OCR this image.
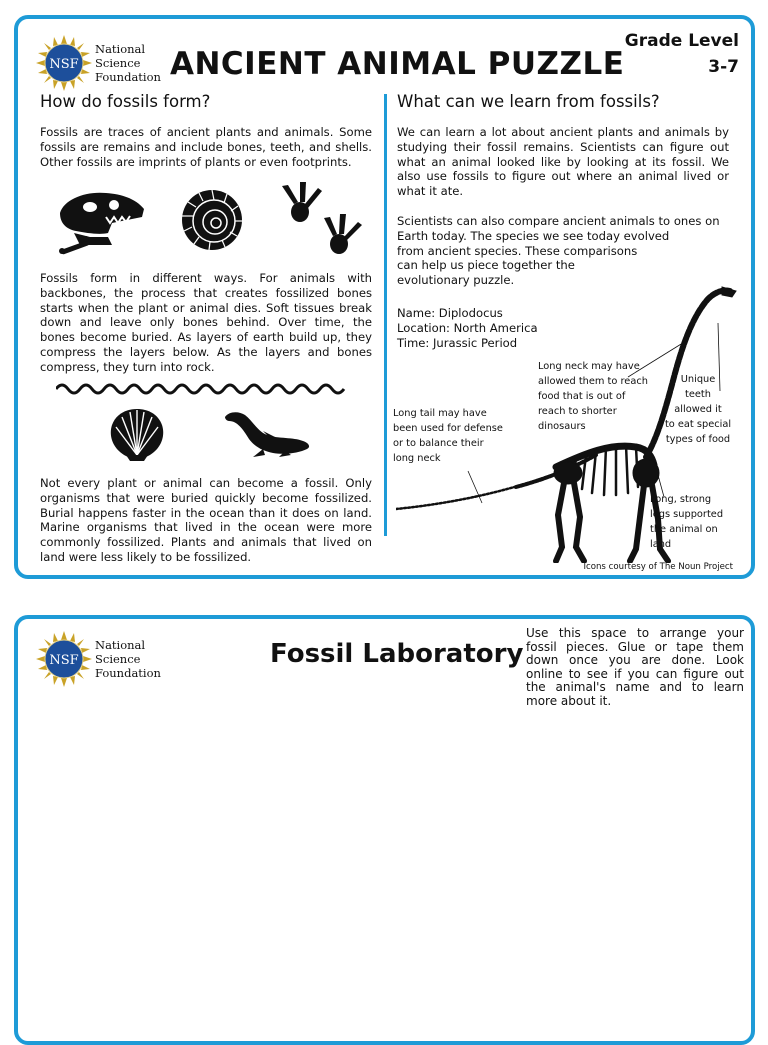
NSF
National
Science
Foundation ANCIENT ANIMAL PUZZLE
Grade Level
3-7
How do fossils form?
Fossils are traces of ancient plants and animals. Some fossils are remains and include bones, teeth, and shells. Other fossils are imprints of plants or even footprints.
Fossils form in different ways. For animals with backbones, the process that creates fossilized bones starts when the plant or animal dies. Soft tissues break down and leave only bones behind. Over time, the bones become buried. As layers of earth build up, they compress the layers below. As the layers and bones compress, they turn into rock.
Not every plant or animal can become a fossil. Only organisms that were buried quickly become fossilized. Burial happens faster in the ocean than it does on land. Marine organisms that lived in the ocean were more commonly fossilized. Plants and animals that lived on land were less likely to be fossilized.
What can we learn from fossils?
We can learn a lot about ancient plants and animals by studying their fossil remains. Scientists can figure out what an animal looked like by looking at its fossil. We also use fossils to figure out where an animal lived or what it ate.
Scientists can also compare ancient animals to ones on
Earth today. The species we see today evolved
from ancient species. These comparisons
can help us piece together the
evolutionary puzzle.
Name: Diplodocus
Location: North America
Time: Jurassic Period
Long neck may have
allowed them to reach
food that is out of
reach to shorter
dinosaurs
Unique
teeth
allowed it
to eat special
types of food
Long tail may have
been used for defense
or to balance their
long neck
Long, strong
legs supported
the animal on
land
Icons courtesy of The Noun Project
NSF
National
Science
Foundation
Fossil Laboratory
Use this space to arrange your fossil pieces. Glue or tape them down once you are done. Look online to see if you can figure out the animal's name and to learn more about it.
